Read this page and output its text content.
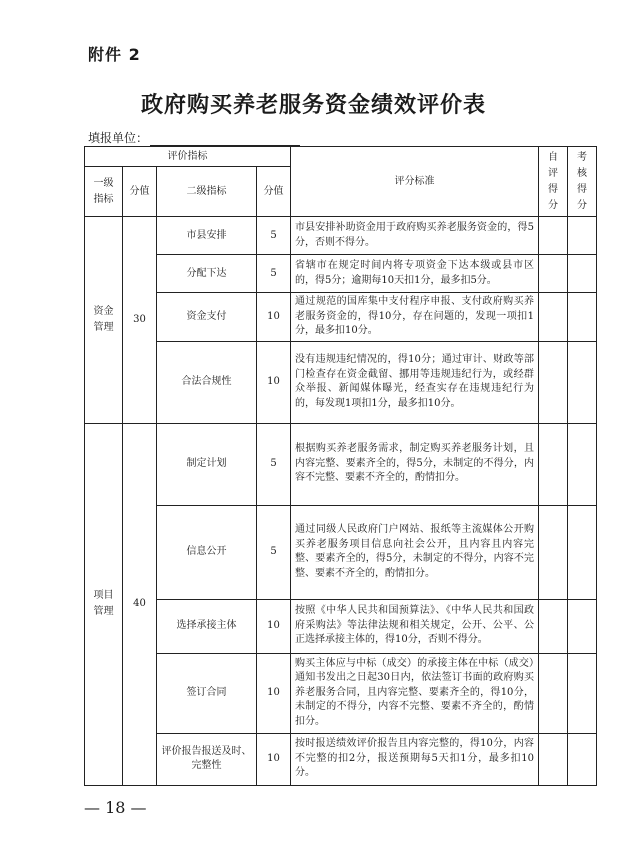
附件 2
政府购买养老服务资金绩效评价表
填报单位：
评价指标				评分标准	自评得分	考核得分

一级指标	分值	二级指标	分值			

资金管理	30	市县安排	5	市县安排补助资金用于政府购买养老服务资金的，得5分，否则不得分。		
		分配下达	5	省辖市在规定时间内将专项资金下达本级或县市区的，得5分；逾期每10天扣1分，最多扣5分。		
		资金支付	10	通过规范的国库集中支付程序申报、支付政府购买养老服务资金的，得10分，存在问题的，发现一项扣1分，最多扣10分。		
		合法合规性	10	没有违规违纪情况的，得10分；通过审计、财政等部门检查存在资金截留、挪用等违规违纪行为，或经群众举报、新闻媒体曝光，经查实存在违规违纪行为的，每发现1项扣1分，最多扣10分。		

项目管理	40	制定计划	5	根据购买养老服务需求，制定购买养老服务计划，且内容完整、要素齐全的，得5分，未制定的不得分，内容不完整、要素不齐全的，酌情扣分。		
		信息公开	5	通过同级人民政府门户网站、报纸等主流媒体公开购买养老服务项目信息向社会公开，且内容且内容完整、要素齐全的，得5分，未制定的不得分，内容不完整、要素不齐全的，酌情扣分。		
		选择承接主体	10	按照《中华人民共和国预算法》、《中华人民共和国政府采购法》等法律法规和相关规定，公开、公平、公正选择承接主体的，得10分，否则不得分。		
		签订合同	10	购买主体应与中标（成交）的承接主体在中标（成交）通知书发出之日起30日内，依法签订书面的政府购买养老服务合同，且内容完整、要素齐全的，得10分，未制定的不得分，内容不完整、要素不齐全的，酌情扣分。		
		评价报告报送及时、完整性	10	按时报送绩效评价报告且内容完整的，得10分，内容不完整的扣2分，报送预期每5天扣1分，最多扣10分。		
— 18 —
